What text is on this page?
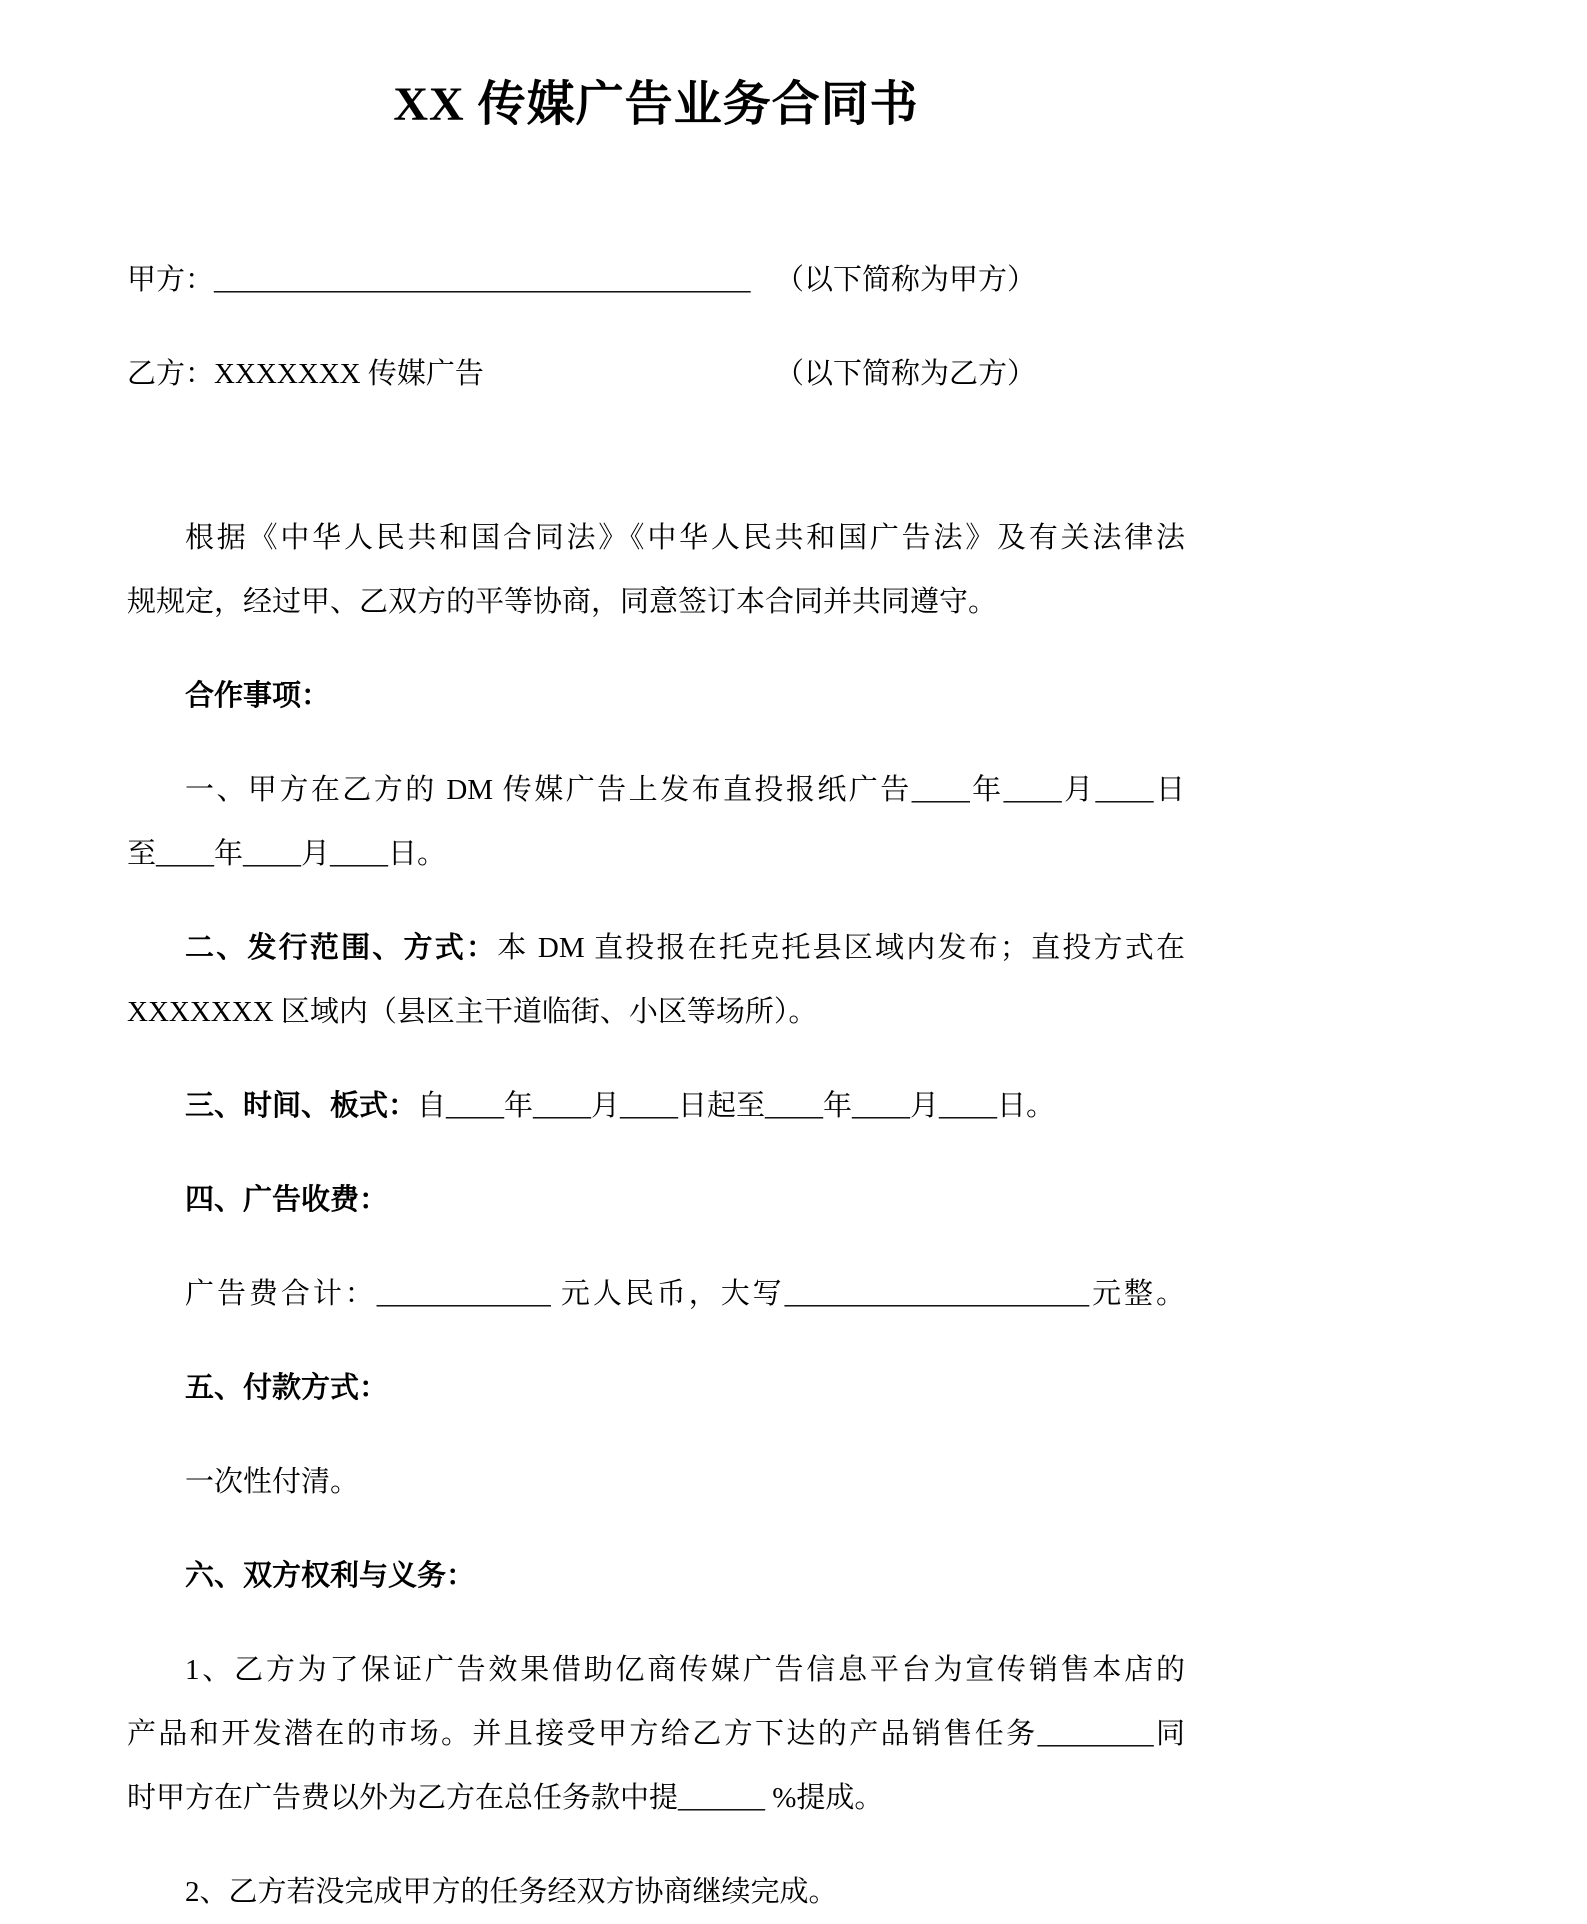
XX 传媒广告业务合同书
甲方：_____________________________________ （以下简称为甲方）
乙方：XXXXXXX 传媒广告	（以下简称为乙方）
根据《中华人民共和国合同法》《中华人民共和国广告法》及有关法律法
规规定，经过甲、乙双方的平等协商，同意签订本合同并共同遵守。
合作事项：
一、甲方在乙方的 DM 传媒广告上发布直投报纸广告____年____月____日
至____年____月____日。
二、发行范围、方式：本 DM 直投报在托克托县区域内发布；直投方式在
XXXXXXX 区域内（县区主干道临街、小区等场所）。
三、时间、板式：自____年____月____日起至____年____月____日。
四、广告收费：
广告费合计：____________ 元人民币，大写_____________________元整。
五、付款方式：
一次性付清。
六、双方权利与义务：
1、乙方为了保证广告效果借助亿商传媒广告信息平台为宣传销售本店的
产品和开发潜在的市场。并且接受甲方给乙方下达的产品销售任务________同
时甲方在广告费以外为乙方在总任务款中提______ %提成。
2、乙方若没完成甲方的任务经双方协商继续完成。
